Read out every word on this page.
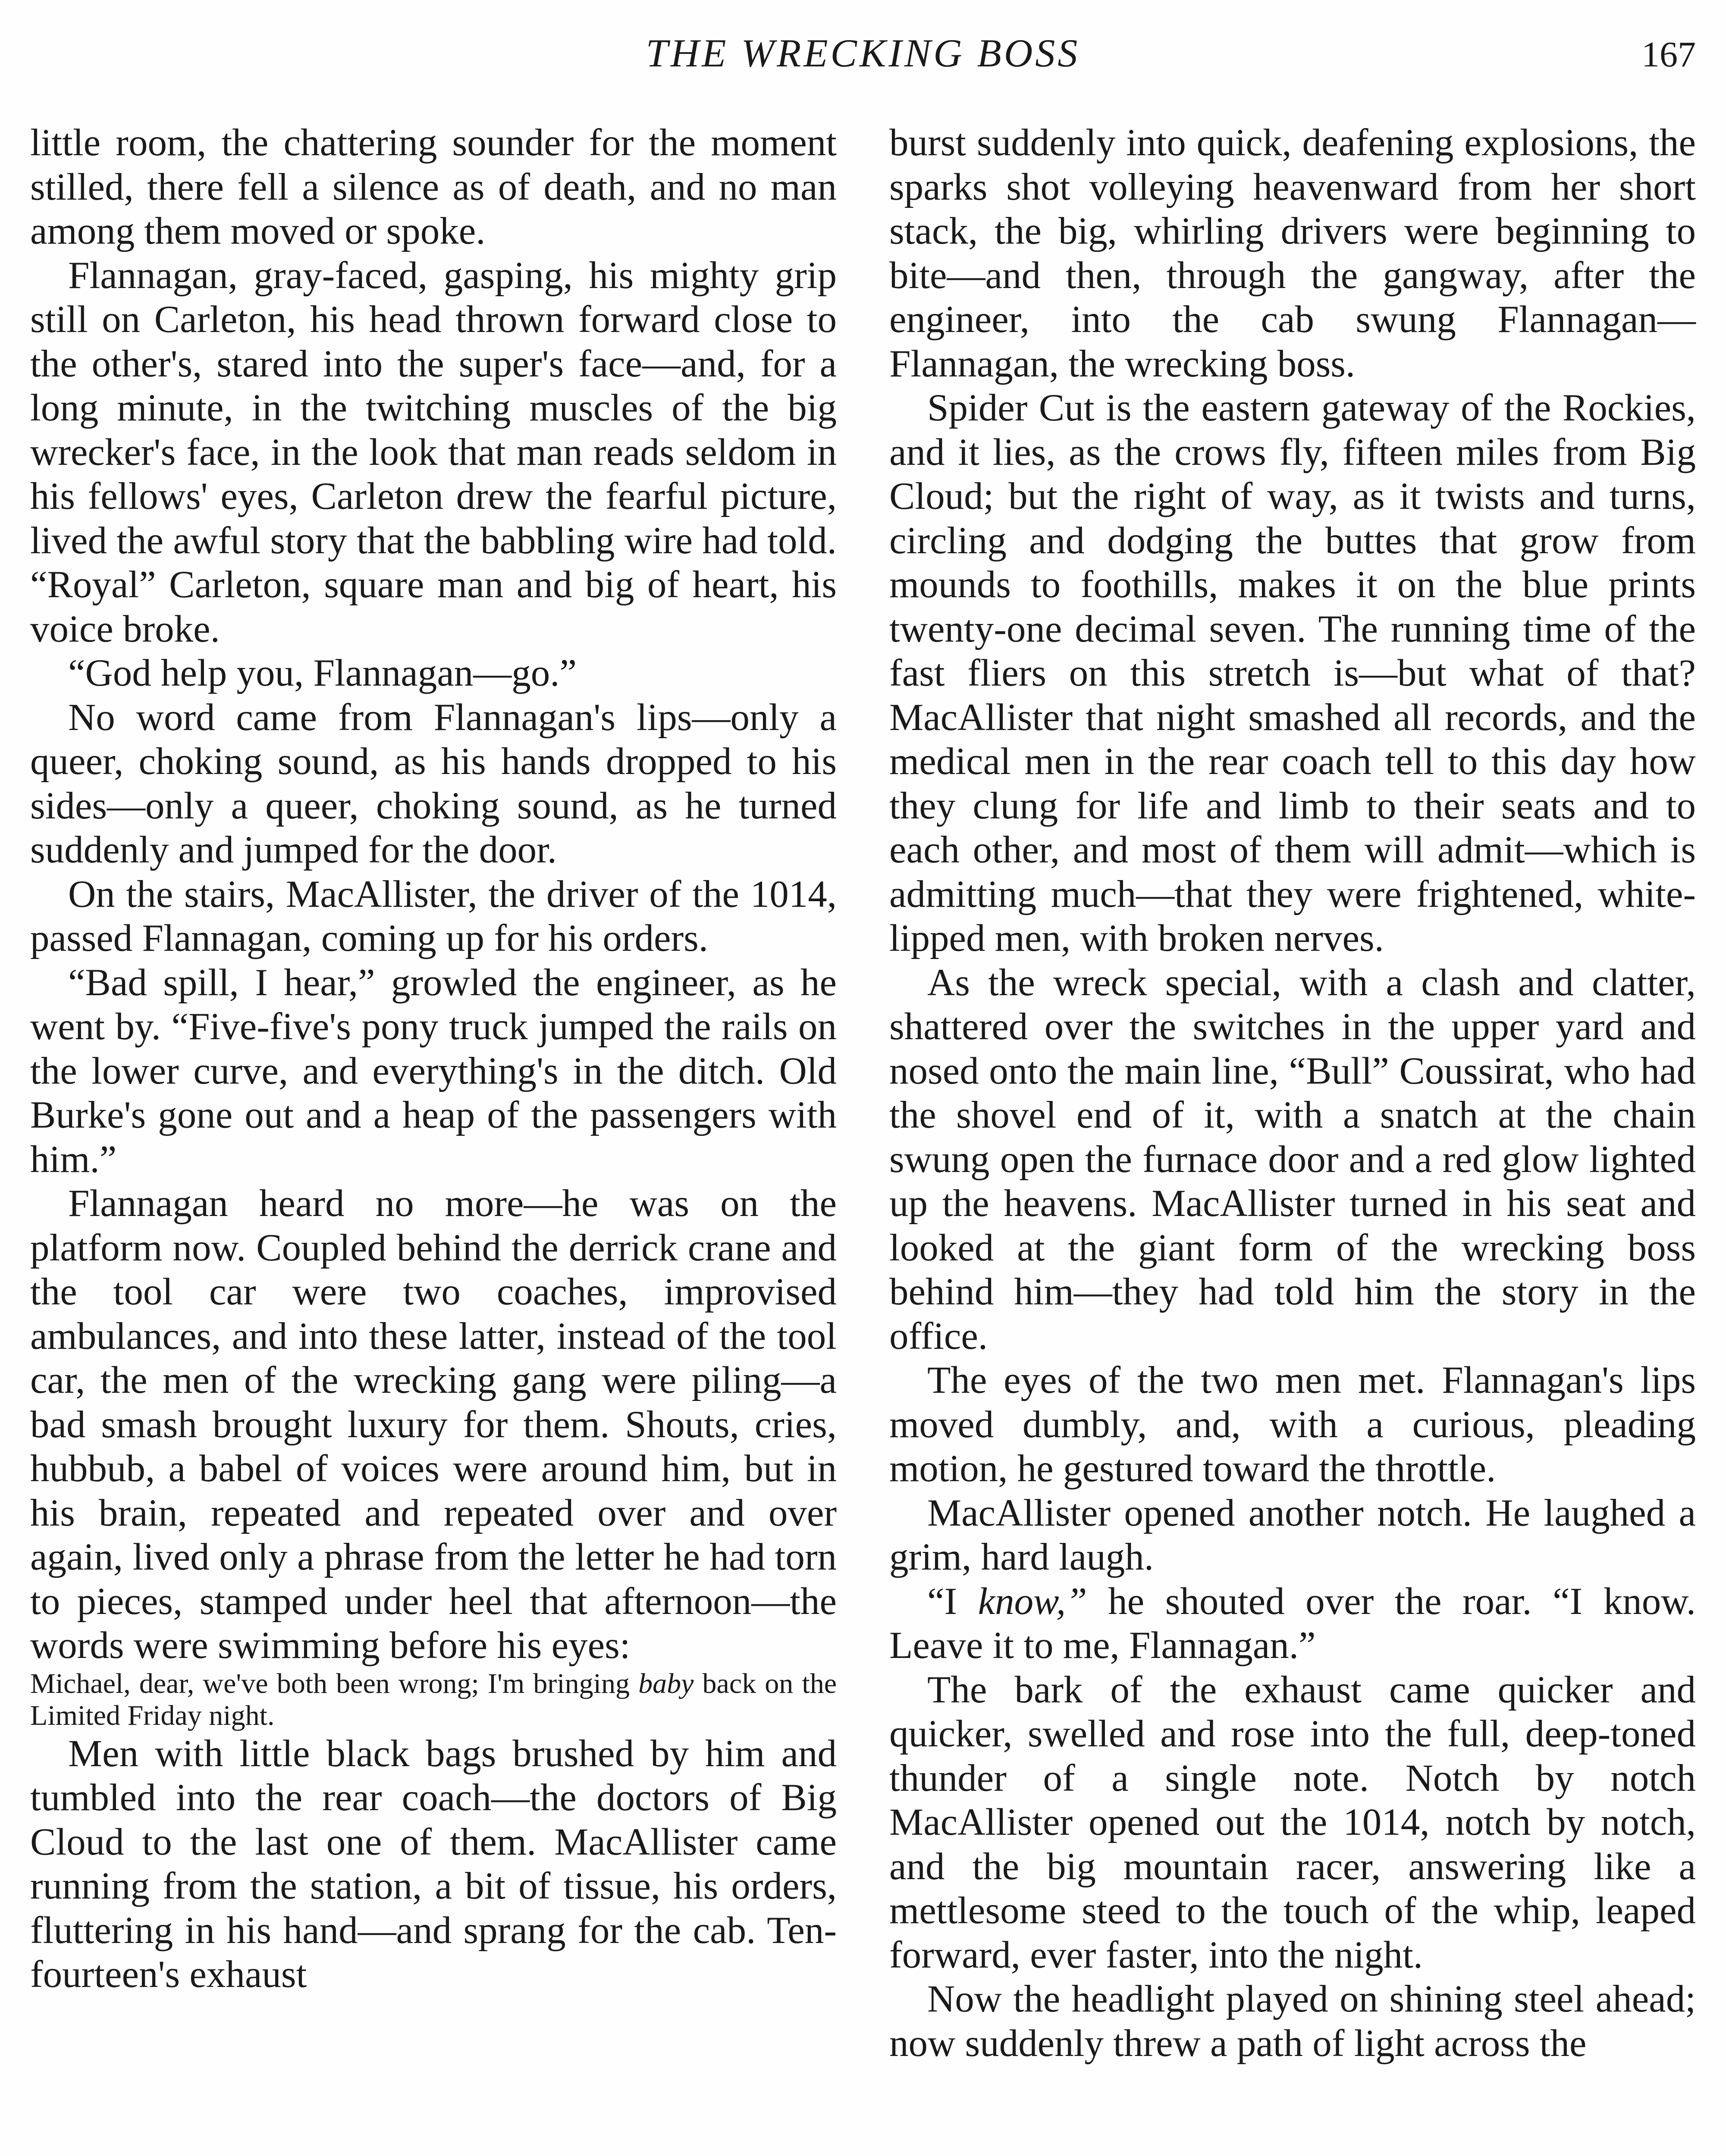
THE WRECKING BOSS	167

little room, the chattering sounder for the moment stilled, there fell a silence as of death, and no man among them moved or spoke.

Flannagan, gray-faced, gasping, his mighty grip still on Carleton, his head thrown forward close to the other's, stared into the super's face—and, for a long minute, in the twitching muscles of the big wrecker's face, in the look that man reads seldom in his fellows' eyes, Carleton drew the fearful picture, lived the awful story that the babbling wire had told. “Royal” Carleton, square man and big of heart, his voice broke.

“God help you, Flannagan—go.”

No word came from Flannagan's lips—only a queer, choking sound, as his hands dropped to his sides—only a queer, choking sound, as he turned suddenly and jumped for the door.

On the stairs, MacAllister, the driver of the 1014, passed Flannagan, coming up for his orders.

“Bad spill, I hear,” growled the engineer, as he went by. “Five-five's pony truck jumped the rails on the lower curve, and everything's in the ditch. Old Burke's gone out and a heap of the passengers with him.”

Flannagan heard no more—he was on the platform now. Coupled behind the derrick crane and the tool car were two coaches, improvised ambulances, and into these latter, instead of the tool car, the men of the wrecking gang were piling—a bad smash brought luxury for them. Shouts, cries, hubbub, a babel of voices were around him, but in his brain, repeated and repeated over and over again, lived only a phrase from the letter he had torn to pieces, stamped under heel that afternoon—the words were swimming before his eyes:

Michael, dear, we've both been wrong; I'm bringing baby back on the Limited Friday night.

Men with little black bags brushed by him and tumbled into the rear coach—the doctors of Big Cloud to the last one of them. MacAllister came running from the station, a bit of tissue, his orders, fluttering in his hand—and sprang for the cab. Ten-fourteen's exhaust

burst suddenly into quick, deafening explosions, the sparks shot volleying heavenward from her short stack, the big, whirling drivers were beginning to bite—and then, through the gangway, after the engineer, into the cab swung Flannagan—Flannagan, the wrecking boss.

Spider Cut is the eastern gateway of the Rockies, and it lies, as the crows fly, fifteen miles from Big Cloud; but the right of way, as it twists and turns, circling and dodging the buttes that grow from mounds to foothills, makes it on the blue prints twenty-one decimal seven. The running time of the fast fliers on this stretch is—but what of that? MacAllister that night smashed all records, and the medical men in the rear coach tell to this day how they clung for life and limb to their seats and to each other, and most of them will admit—which is admitting much—that they were frightened, white-lipped men, with broken nerves.

As the wreck special, with a clash and clatter, shattered over the switches in the upper yard and nosed onto the main line, “Bull” Coussirat, who had the shovel end of it, with a snatch at the chain swung open the furnace door and a red glow lighted up the heavens. MacAllister turned in his seat and looked at the giant form of the wrecking boss behind him—they had told him the story in the office.

The eyes of the two men met. Flannagan's lips moved dumbly, and, with a curious, pleading motion, he gestured toward the throttle.

MacAllister opened another notch. He laughed a grim, hard laugh.

“I know,” he shouted over the roar. “I know. Leave it to me, Flannagan.”

The bark of the exhaust came quicker and quicker, swelled and rose into the full, deep-toned thunder of a single note. Notch by notch MacAllister opened out the 1014, notch by notch, and the big mountain racer, answering like a mettlesome steed to the touch of the whip, leaped forward, ever faster, into the night.

Now the headlight played on shining steel ahead; now suddenly threw a path of light across the
